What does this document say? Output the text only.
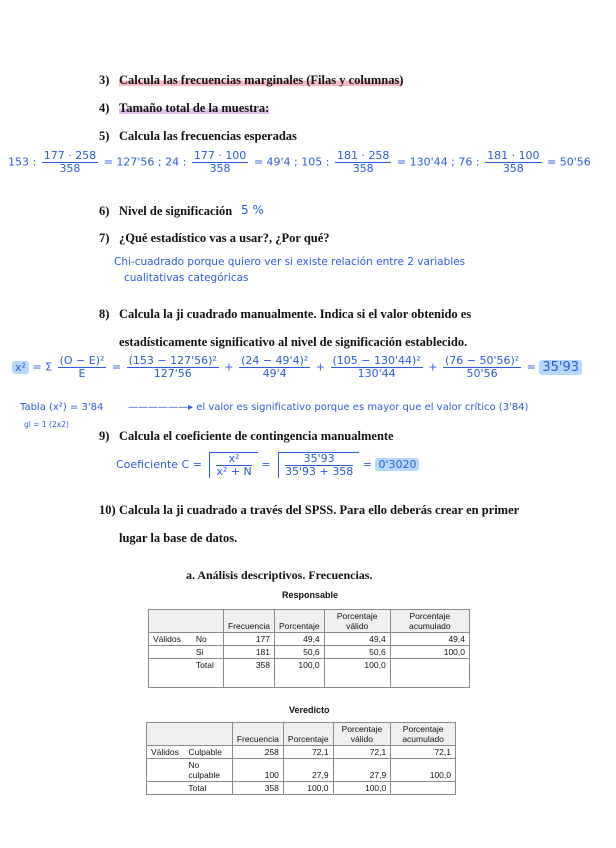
3) Calcula las frecuencias marginales (Filas y columnas)
4) Tamaño total de la muestra:
5) Calcula las frecuencias esperadas
153 : $\frac{177 \cdot 258}{358} = 127'56$ ; 24 : $\frac{177 \cdot 100}{358} = 49'4$ ; 105 : $\frac{181 \cdot 258}{358} = 130'44$ ; 76 : $\frac{181 \cdot 100}{358} = 50'56$
6) Nivel de significación 5 %
7) ¿Qué estadístico vas a usar?, ¿Por qué?
Chi-cuadrado porque quiero ver si existe relación entre 2 variables
cualitativas categóricas
8) Calcula la ji cuadrado manualmente. Indica si el valor obtenido es
estadísticamente significativo al nivel de significación establecido.
x² = Σ $\frac{\text{(O − E)²}}{E} = \frac{\text{(153 − 127'56)²}}{127'56} + \frac{\text{(24 − 49'4)²}}{49'4} + \frac{\text{(105 − 130'44)²}}{130'44} + \frac{\text{(76 − 50'56)²}}{50'56} = 35'93$
Tabla (x²) = 3'84
gl = 1 (2x2)
——————▸ el valor es significativo porque es mayor que el valor crítico (3'84)
9) Calcula el coeficiente de contingencia manualmente
Coeficiente $C = \frac{\text{x²}}{\text{x² + N}} = \frac{35'93}{35'93 + 358} = 0'3020$
10) Calcula la ji cuadrado a través del SPSS. Para ello deberás crear en primer
lugar la base de datos.
a. Análisis descriptivos. Frecuencias.
Responsable
		Frecuencia	Porcentaje	Porcentaje válido	Porcentaje acumulado
Válidos	No	177	49,4	49,4	49,4
	Si	181	50,6	50,6	100,0
	Total	358	100,0	100,0	
Veredicto
		Frecuencia	Porcentaje	Porcentaje válido	Porcentaje acumulado
Válidos	Culpable	258	72,1	72,1	72,1
	No culpable	100	27,9	27,9	100,0
	Total	358	100,0	100,0	
